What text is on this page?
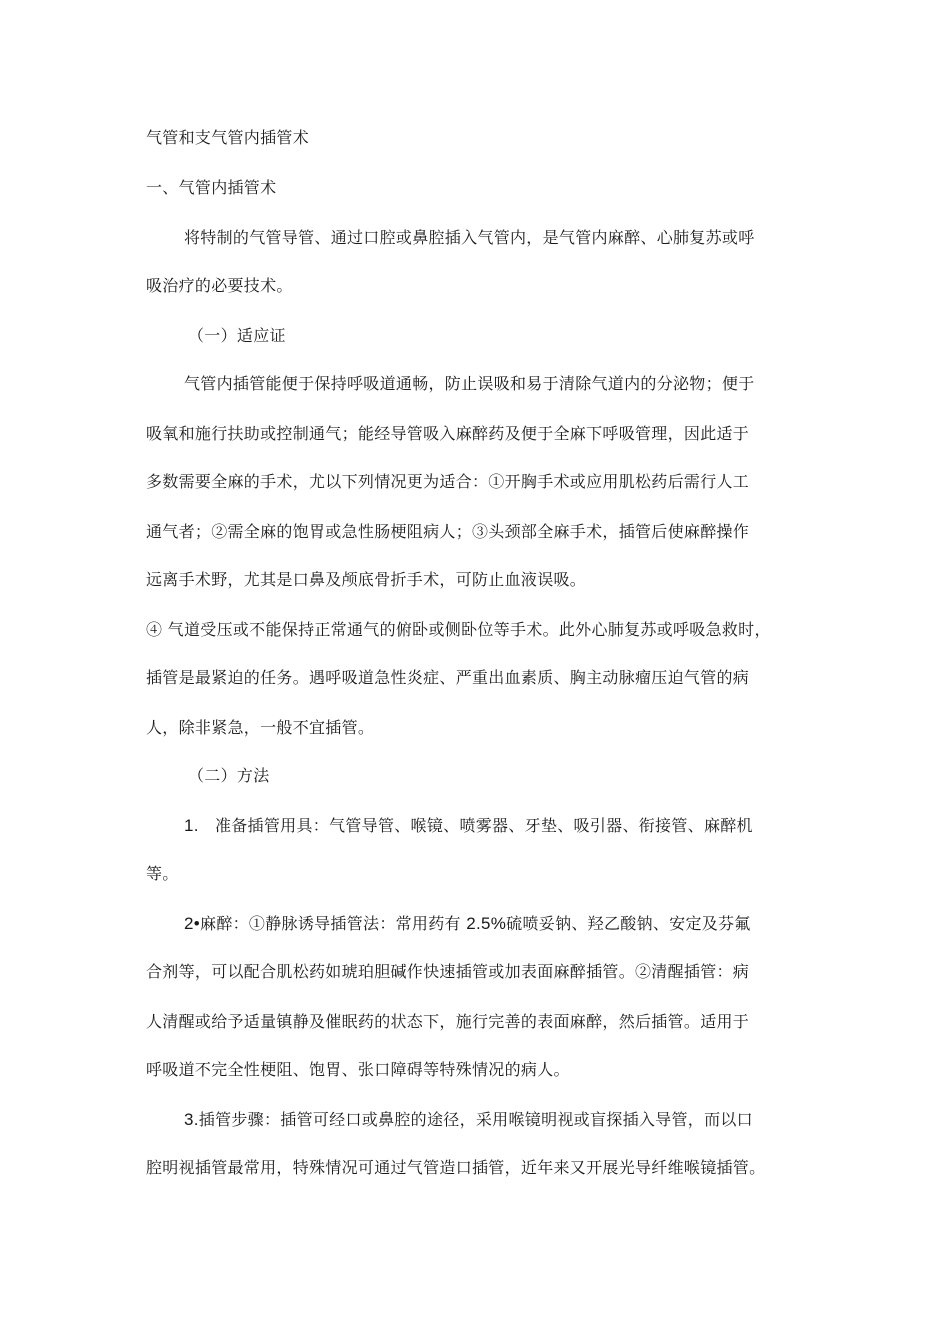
气管和支气管内插管术
一、气管内插管术
将特制的气管导管、通过口腔或鼻腔插入气管内，是气管内麻醉、心肺复苏或呼
吸治疗的必要技术。
（一）适应证
气管内插管能便于保持呼吸道通畅，防止误吸和易于清除气道内的分泌物；便于
吸氧和施行扶助或控制通气；能经导管吸入麻醉药及便于全麻下呼吸管理，因此适于
多数需要全麻的手术，尤以下列情况更为适合：①开胸手术或应用肌松药后需行人工
通气者；②需全麻的饱胃或急性肠梗阻病人；③头颈部全麻手术，插管后使麻醉操作
远离手术野，尤其是口鼻及颅底骨折手术，可防止血液误吸。
④ 气道受压或不能保持正常通气的俯卧或侧卧位等手术。此外心肺复苏或呼吸急救时，
插管是最紧迫的任务。遇呼吸道急性炎症、严重出血素质、胸主动脉瘤压迫气管的病
人，除非紧急，一般不宜插管。
（二）方法
1. 准备插管用具：气管导管、喉镜、喷雾器、牙垫、吸引器、衔接管、麻醉机
等。
2•麻醉：①静脉诱导插管法：常用药有 2.5%硫喷妥钠、羟乙酸钠、安定及芬氟
合剂等，可以配合肌松药如琥珀胆碱作快速插管或加表面麻醉插管。②清醒插管：病
人清醒或给予适量镇静及催眠药的状态下，施行完善的表面麻醉，然后插管。适用于
呼吸道不完全性梗阻、饱胃、张口障碍等特殊情况的病人。
3.插管步骤：插管可经口或鼻腔的途径，采用喉镜明视或盲探插入导管，而以口
腔明视插管最常用，特殊情况可通过气管造口插管，近年来又开展光导纤维喉镜插管。
